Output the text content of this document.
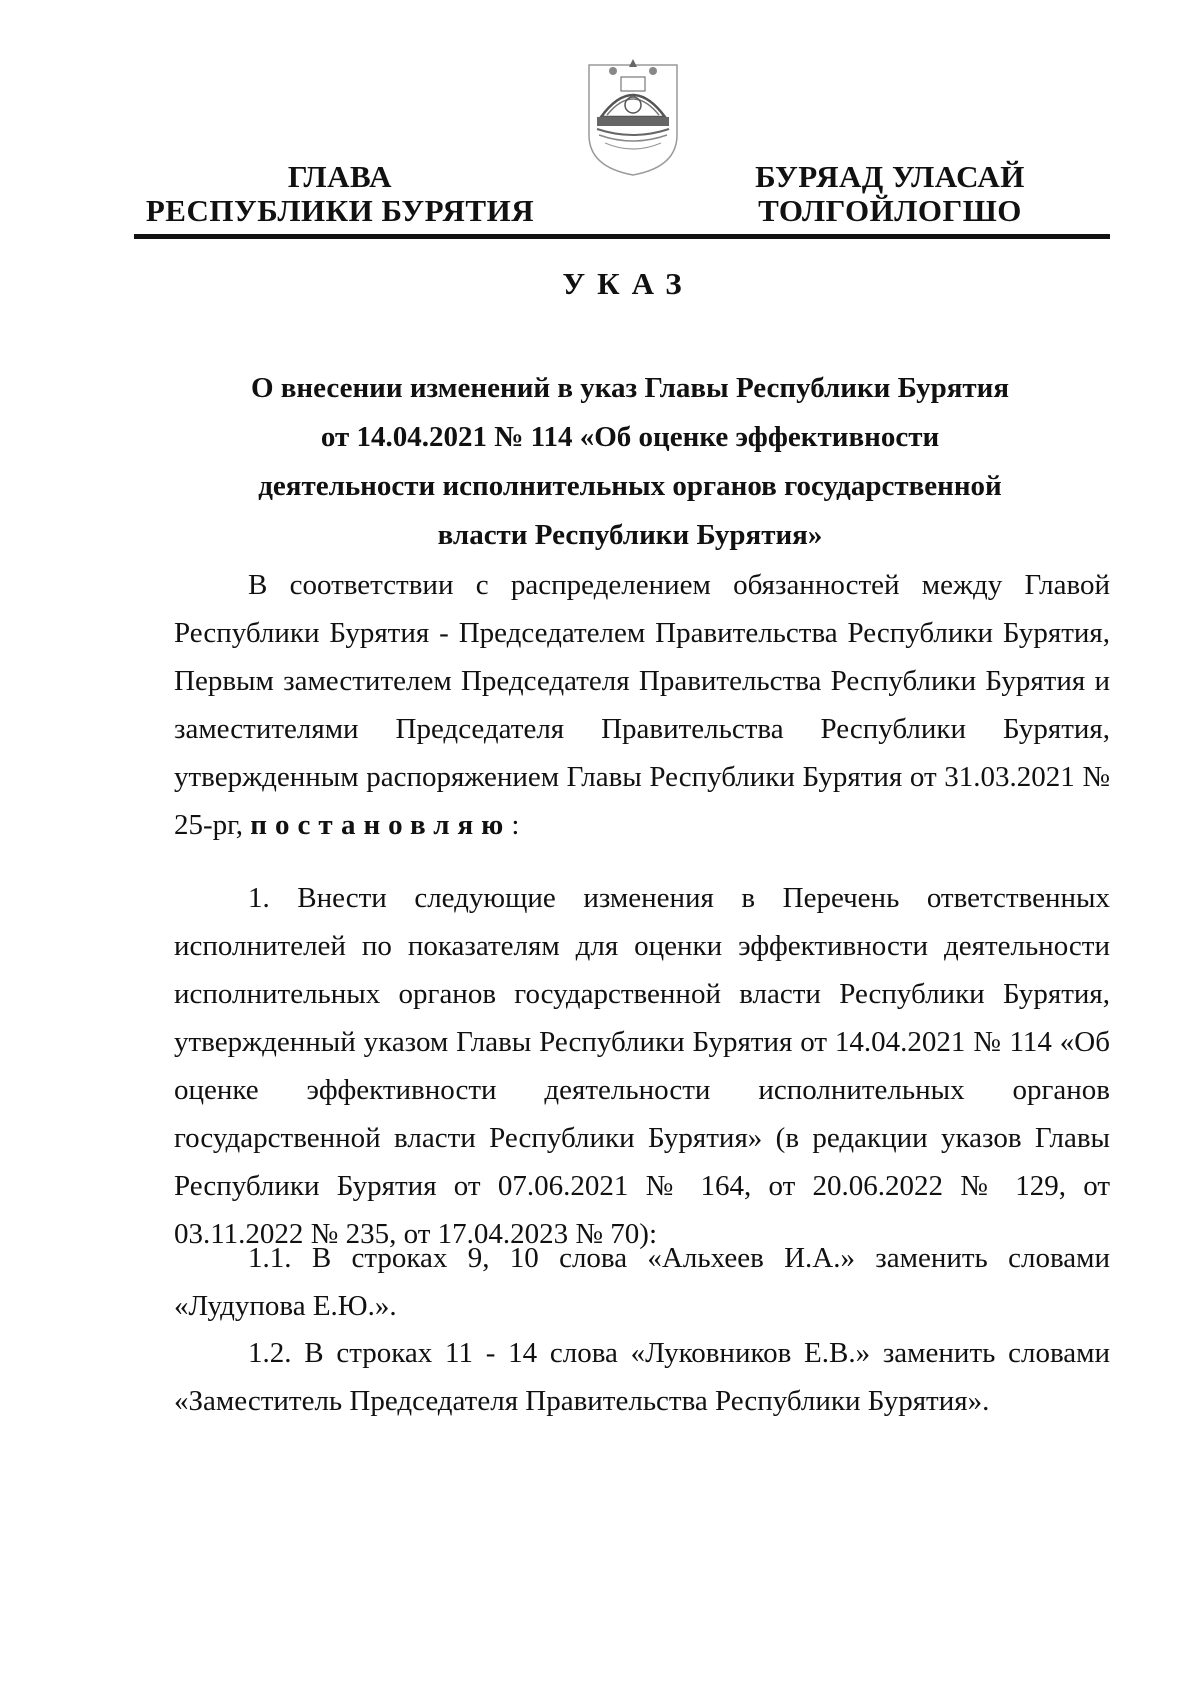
ГЛАВА
РЕСПУБЛИКИ БУРЯТИЯ
БУРЯАД УЛАСАЙ
ТОЛГОЙЛОГШО
УКАЗ
О внесении изменений в указ Главы Республики Бурятия от 14.04.2021 № 114 «Об оценке эффективности деятельности исполнительных органов государственной власти Республики Бурятия»

В соответствии с распределением обязанностей между Главой Республики Бурятия - Председателем Правительства Республики Бурятия, Первым заместителем Председателя Правительства Республики Бурятия и заместителями Председателя Правительства Республики Бурятия, утвержденным распоряжением Главы Республики Бурятия от 31.03.2021 № 25-рг, постановляю:

1. Внести следующие изменения в Перечень ответственных исполнителей по показателям для оценки эффективности деятельности исполнительных органов государственной власти Республики Бурятия, утвержденный указом Главы Республики Бурятия от 14.04.2021 № 114 «Об оценке эффективности деятельности исполнительных органов государственной власти Республики Бурятия» (в редакции указов Главы Республики Бурятия от 07.06.2021 № 164, от 20.06.2022 № 129, от 03.11.2022 № 235, от 17.04.2023 № 70):

1.1. В строках 9, 10 слова «Альхеев И.А.» заменить словами «Лудупова Е.Ю.».

1.2. В строках 11 - 14 слова «Луковников Е.В.» заменить словами «Заместитель Председателя Правительства Республики Бурятия».
